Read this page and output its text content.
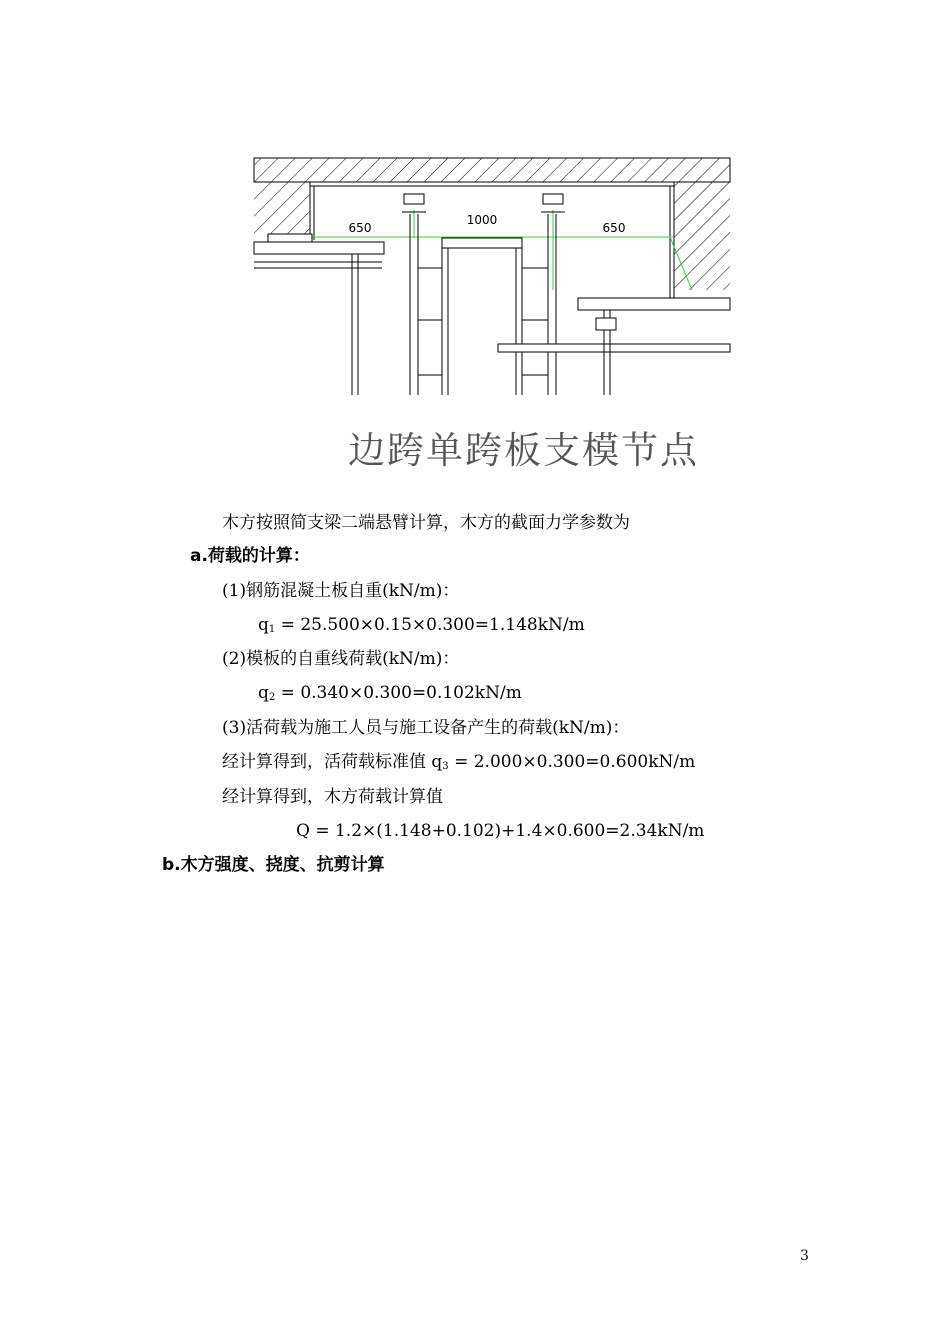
650
1000
650
边跨单跨板支模节点
木方按照简支梁二端悬臂计算，木方的截面力学参数为
a.荷载的计算：
(1)钢筋混凝土板自重(kN/m)：
$q_1 = 25.500\times 0.15\times 0.300=1.148kN/m$
(2)模板的自重线荷载(kN/m)：
$q_2 = 0.340\times 0.300=0.102kN/m$
(3)活荷载为施工人员与施工设备产生的荷载(kN/m)：
经计算得到，活荷载标准值 $q_3 = 2.000\times 0.300=0.600kN/m$
经计算得到，木方荷载计算值
Q = 1.2×(1.148+0.102)+1.4×0.600=2.34kN/m
b.木方强度、挠度、抗剪计算
3
